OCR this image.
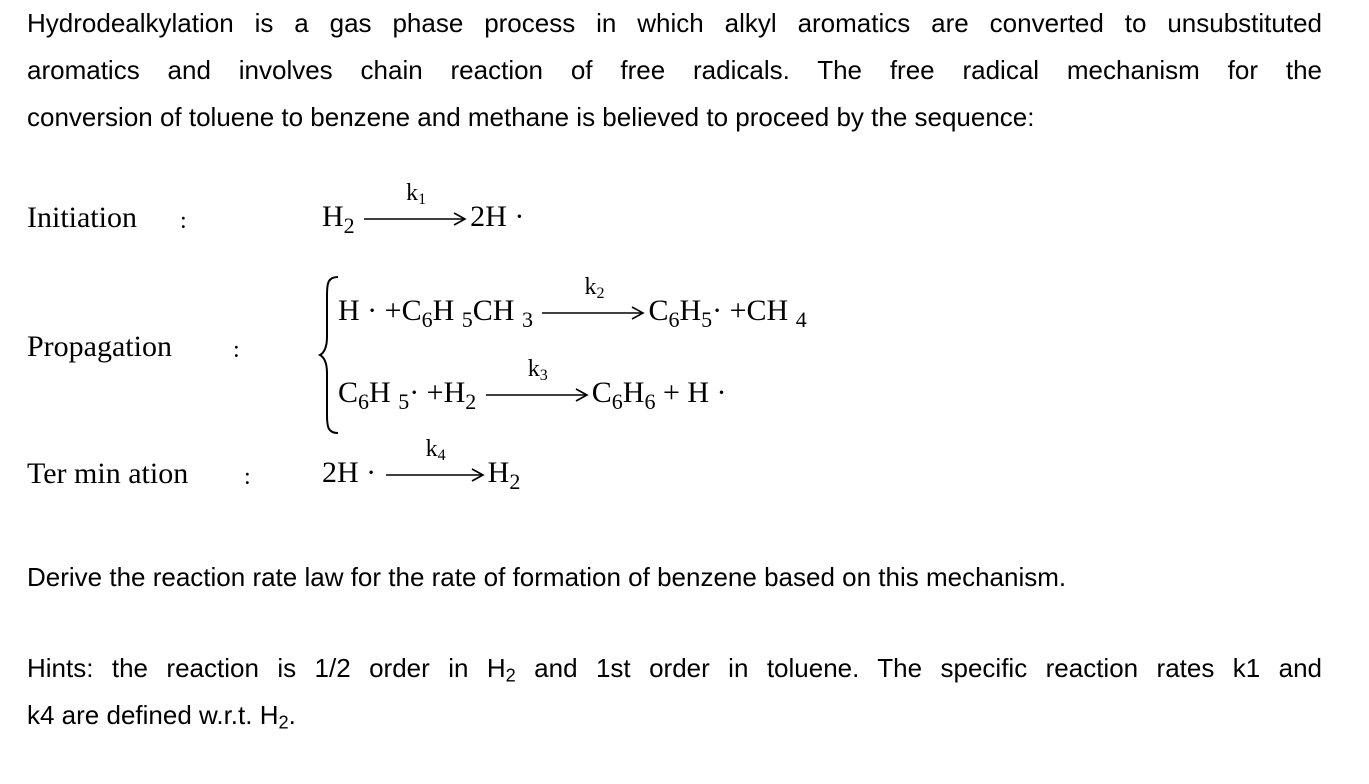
Hydrodealkylation is a gas phase process in which alkyl aromatics are converted to unsubstituted
aromatics and involves chain reaction of free radicals. The free radical mechanism for the
conversion of toluene to benzene and methane is believed to proceed by the sequence:
Initiation :	$H_2$
$k_1$
2H ·
Propagation	:
$H \cdot +C_6H$ $_5$CH $_3$
$k_2$
$C_6H_5\cdot +CH$ $_4$
$C_6H$ $_5\cdot +H_2$
$k_3$
$C_6H_6 + H$ ·
Ter min ation : 2H ·
$k_4$
$H_2$
Derive the reaction rate law for the rate of formation of benzene based on this mechanism.
Hints: the reaction is 1/2 order in $H_2$ and 1st order in toluene. The specific reaction rates k1 and
k4 are defined w.r.t. $H_2$.
